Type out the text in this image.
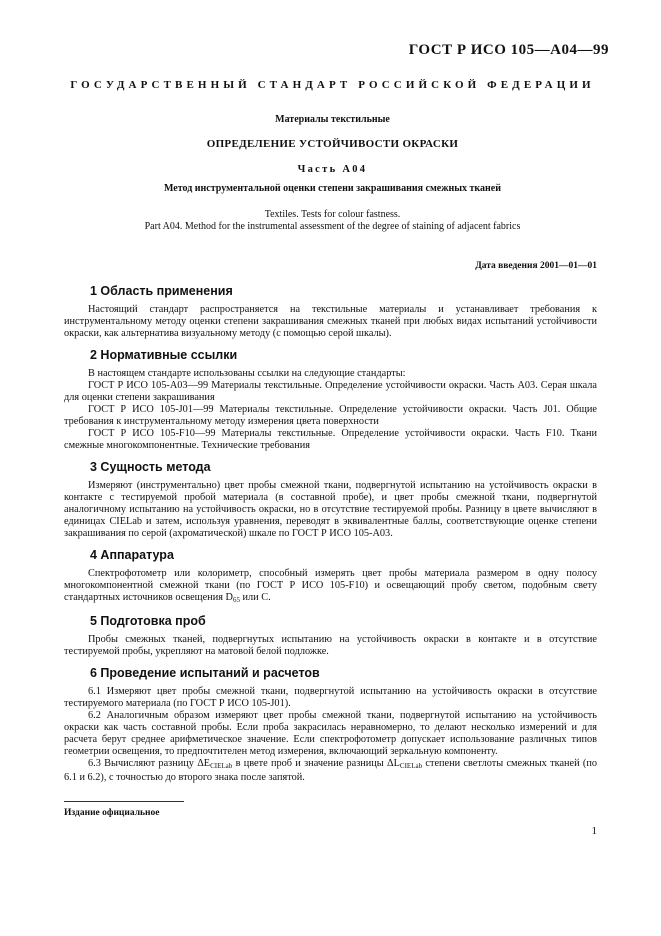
ГОСТ Р ИСО 105—А04—99
ГОСУДАРСТВЕННЫЙ СТАНДАРТ РОССИЙСКОЙ ФЕДЕРАЦИИ
Материалы текстильные
ОПРЕДЕЛЕНИЕ УСТОЙЧИВОСТИ ОКРАСКИ
Часть А04
Метод инструментальной оценки степени закрашивания смежных тканей
Textiles. Tests for colour fastness.
Part A04. Method for the instrumental assessment of the degree of staining of adjacent fabrics
Дата введения 2001—01—01
1 Область применения

Настоящий стандарт распространяется на текстильные материалы и устанавливает требования к инструментальному методу оценки степени закрашивания смежных тканей при любых видах испытаний устойчивости окраски, как альтернатива визуальному методу (с помощью серой шкалы).

2 Нормативные ссылки

В настоящем стандарте использованы ссылки на следующие стандарты:

ГОСТ Р ИСО 105-А03—99 Материалы текстильные. Определение устойчивости окраски. Часть А03. Серая шкала для оценки степени закрашивания

ГОСТ Р ИСО 105-J01—99 Материалы текстильные. Определение устойчивости окраски. Часть J01. Общие требования к инструментальному методу измерения цвета поверхности

ГОСТ Р ИСО 105-F10—99 Материалы текстильные. Определение устойчивости окраски. Часть F10. Ткани смежные многокомпонентные. Технические требования

3 Сущность метода

Измеряют (инструментально) цвет пробы смежной ткани, подвергнутой испытанию на устойчивость окраски в контакте с тестируемой пробой материала (в составной пробе), и цвет пробы смежной ткани, подвергнутой аналогичному испытанию на устойчивость окраски, но в отсутствие тестируемой пробы. Разницу в цвете вычисляют в единицах CIELab и затем, используя уравнения, переводят в эквивалентные баллы, соответствующие оценке степени закрашивания по серой (ахроматической) шкале по ГОСТ Р ИСО 105-А03.

4 Аппаратура

Спектрофотометр или колориметр, способный измерять цвет пробы материала размером в одну полосу многокомпонентной смежной ткани (по ГОСТ Р ИСО 105-F10) и освещающий пробу светом, подобным свету стандартных источников освещения $D_{65}$ или С.

5 Подготовка проб

Пробы смежных тканей, подвергнутых испытанию на устойчивость окраски в контакте и в отсутствие тестируемой пробы, укрепляют на матовой белой подложке.

6 Проведение испытаний и расчетов

6.1 Измеряют цвет пробы смежной ткани, подвергнутой испытанию на устойчивость окраски в отсутствие тестируемого материала (по ГОСТ Р ИСО 105-J01).

6.2 Аналогичным образом измеряют цвет пробы смежной ткани, подвергнутой испытанию на устойчивость окраски как часть составной пробы. Если проба закрасилась неравномерно, то делают несколько измерений и для расчета берут среднее арифметическое значение. Если спектрофотометр допускает использование различных типов геометрии освещения, то предпочтителен метод измерения, включающий зеркальную компоненту.

6.3 Вычисляют разницу $\Delta E_{CIELab}$ в цвете проб и значение разницы $\Delta L_{CIELab}$ степени светлоты смежных тканей (по 6.1 и 6.2), с точностью до второго знака после запятой.

Издание официальное
1
